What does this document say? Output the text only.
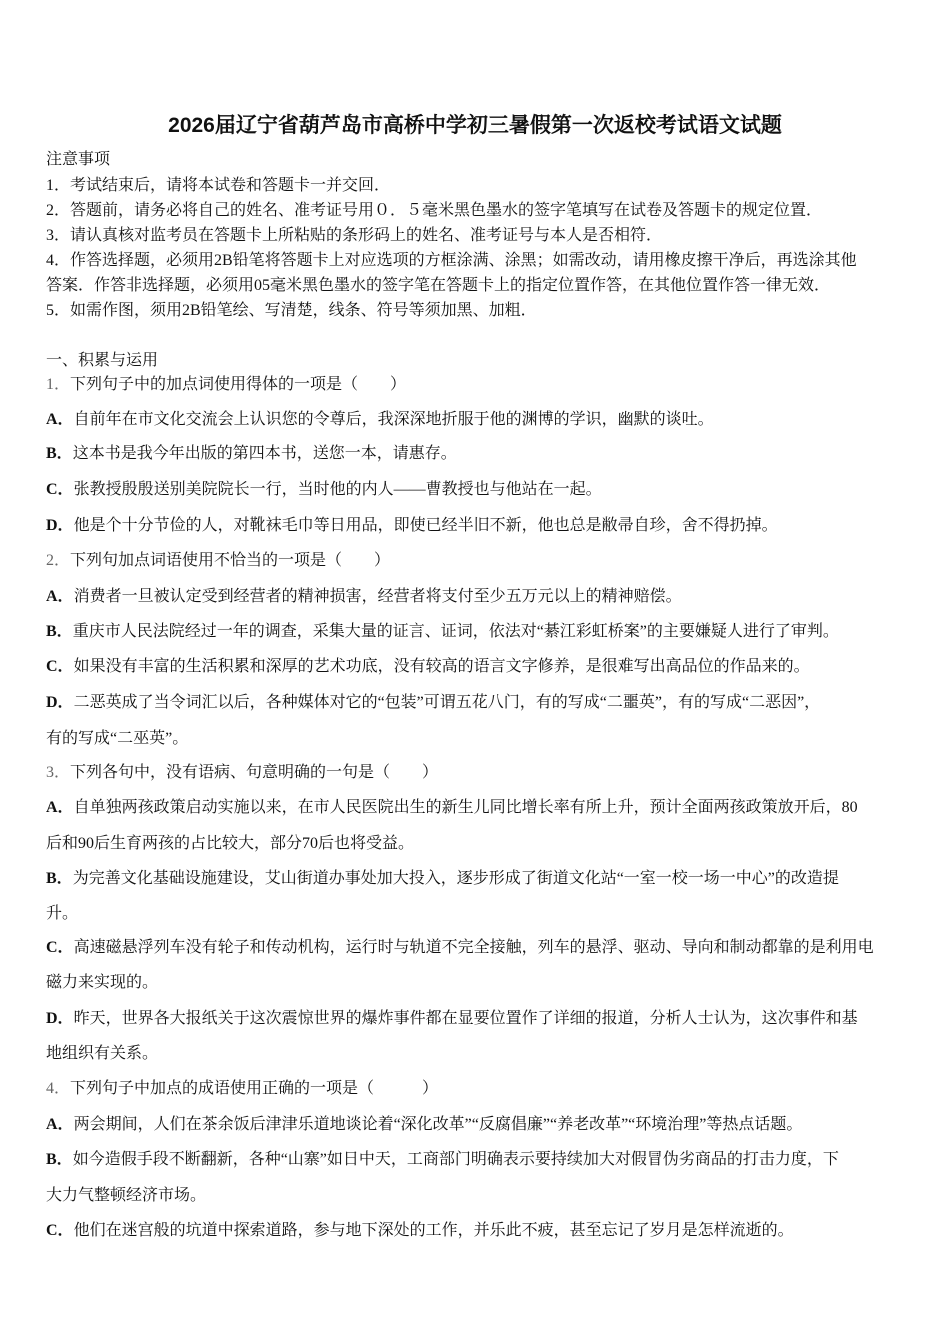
2026届辽宁省葫芦岛市高桥中学初三暑假第一次返校考试语文试题
注意事项
1．考试结束后，请将本试卷和答题卡一并交回．
2．答题前，请务必将自己的姓名、准考证号用０．５毫米黑色墨水的签字笔填写在试卷及答题卡的规定位置．
3．请认真核对监考员在答题卡上所粘贴的条形码上的姓名、准考证号与本人是否相符．
4．作答选择题，必须用2B铅笔将答题卡上对应选项的方框涂满、涂黑；如需改动，请用橡皮擦干净后，再选涂其他
答案．作答非选择题，必须用05毫米黑色墨水的签字笔在答题卡上的指定位置作答，在其他位置作答一律无效．
5．如需作图，须用2B铅笔绘、写清楚，线条、符号等须加黑、加粗．
一、积累与运用
1．下列句子中的加点词使用得体的一项是（　　）
A．自前年在市文化交流会上认识您的令尊后，我深深地折服于他的渊博的学识，幽默的谈吐。
B．这本书是我今年出版的第四本书，送您一本，请惠存。
C．张教授殷殷送别美院院长一行，当时他的内人——曹教授也与他站在一起。
D．他是个十分节俭的人，对靴袜毛巾等日用品，即使已经半旧不新，他也总是敝帚自珍，舍不得扔掉。
2．下列句加点词语使用不恰当的一项是（　　）
A．消费者一旦被认定受到经营者的精神损害，经营者将支付至少五万元以上的精神赔偿。
B．重庆市人民法院经过一年的调查，采集大量的证言、证词，依法对“綦江彩虹桥案”的主要嫌疑人进行了审判。
C．如果没有丰富的生活积累和深厚的艺术功底，没有较高的语言文字修养，是很难写出高品位的作品来的。
D．二恶英成了当令词汇以后，各种媒体对它的“包装”可谓五花八门，有的写成“二噩英”，有的写成“二恶因”，
有的写成“二巫英”。
3．下列各句中，没有语病、句意明确的一句是（　　）
A．自单独两孩政策启动实施以来，在市人民医院出生的新生儿同比增长率有所上升，预计全面两孩政策放开后，80
后和90后生育两孩的占比较大，部分70后也将受益。
B．为完善文化基础设施建设，艾山街道办事处加大投入，逐步形成了街道文化站“一室一校一场一中心”的改造提
升。
C．高速磁悬浮列车没有轮子和传动机构，运行时与轨道不完全接触，列车的悬浮、驱动、导向和制动都靠的是利用电
磁力来实现的。
D．昨天，世界各大报纸关于这次震惊世界的爆炸事件都在显要位置作了详细的报道，分析人士认为，这次事件和基
地组织有关系。
4．下列句子中加点的成语使用正确的一项是（　　　）
A．两会期间，人们在茶余饭后津津乐道地谈论着“深化改革”“反腐倡廉”“养老改革”“环境治理”等热点话题。
B．如今造假手段不断翻新，各种“山寨”如日中天，工商部门明确表示要持续加大对假冒伪劣商品的打击力度，下
大力气整顿经济市场。
C．他们在迷宫般的坑道中探索道路，参与地下深处的工作，并乐此不疲，甚至忘记了岁月是怎样流逝的。
